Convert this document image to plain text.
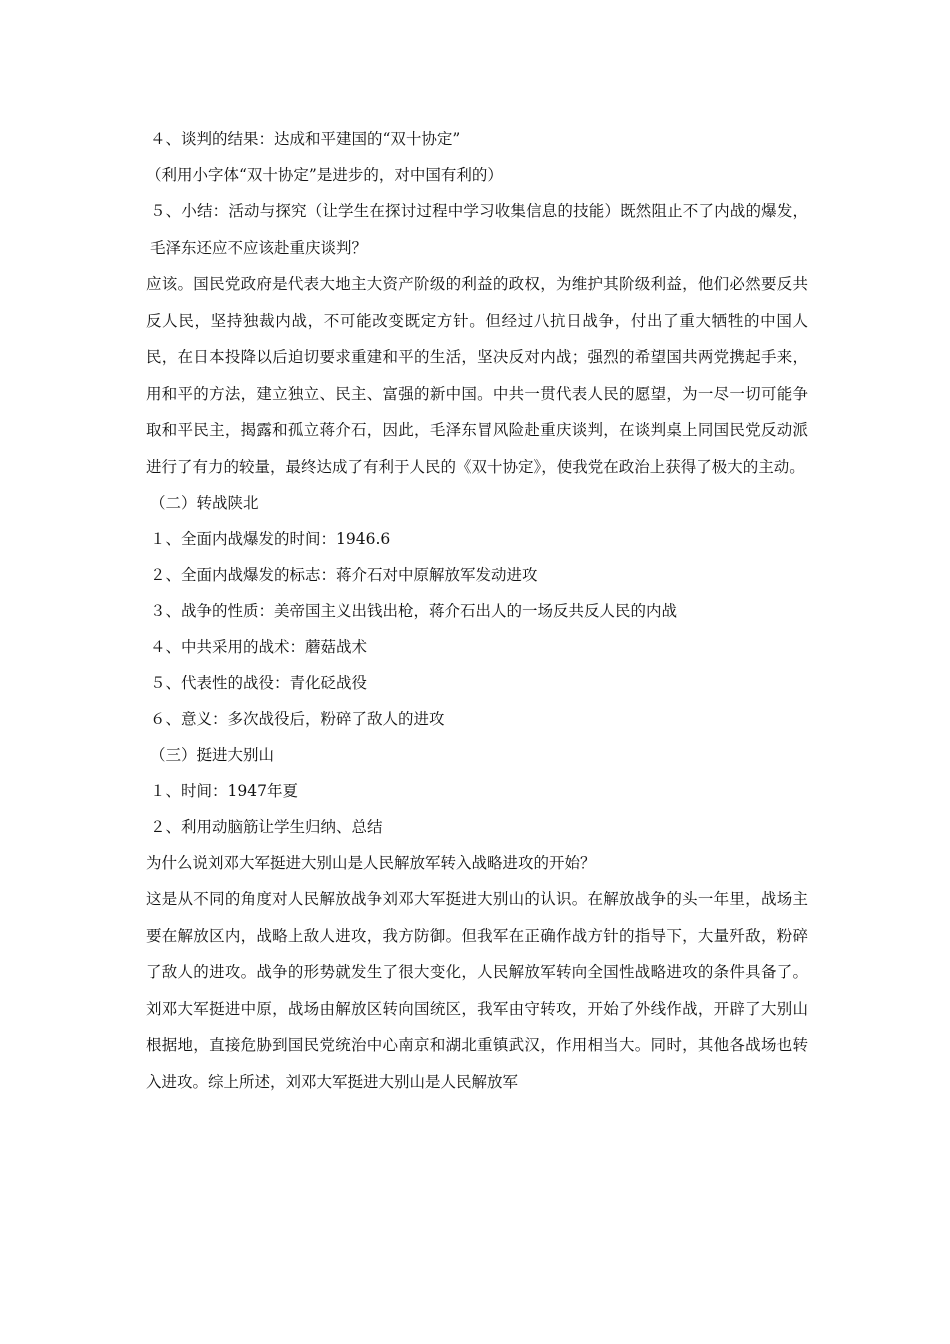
４、谈判的结果：达成和平建国的“双十协定”
（利用小字体“双十协定”是进步的，对中国有利的）
５、小结：活动与探究（让学生在探讨过程中学习收集信息的技能）既然阻止不了内战的爆发，毛泽东还应不应该赴重庆谈判？
应该。国民党政府是代表大地主大资产阶级的利益的政权，为维护其阶级利益，他们必然要反共反人民，坚持独裁内战，不可能改变既定方针。但经过八抗日战争，付出了重大牺牲的中国人民，在日本投降以后迫切要求重建和平的生活，坚决反对内战；强烈的希望国共两党携起手来，用和平的方法，建立独立、民主、富强的新中国。中共一贯代表人民的愿望，为一尽一切可能争取和平民主，揭露和孤立蒋介石，因此，毛泽东冒风险赴重庆谈判，在谈判桌上同国民党反动派进行了有力的较量，最终达成了有利于人民的《双十协定》，使我党在政治上获得了极大的主动。
（二）转战陕北
１、全面内战爆发的时间：1946.6
２、全面内战爆发的标志：蒋介石对中原解放军发动进攻
３、战争的性质：美帝国主义出钱出枪，蒋介石出人的一场反共反人民的内战
４、中共采用的战术：蘑菇战术
５、代表性的战役：青化砭战役
６、意义：多次战役后，粉碎了敌人的进攻
（三）挺进大别山
１、时间：1947年夏
２、利用动脑筋让学生归纳、总结
为什么说刘邓大军挺进大别山是人民解放军转入战略进攻的开始？
这是从不同的角度对人民解放战争刘邓大军挺进大别山的认识。在解放战争的头一年里，战场主要在解放区内，战略上敌人进攻，我方防御。但我军在正确作战方针的指导下，大量歼敌，粉碎了敌人的进攻。战争的形势就发生了很大变化，人民解放军转向全国性战略进攻的条件具备了。刘邓大军挺进中原，战场由解放区转向国统区，我军由守转攻，开始了外线作战，开辟了大别山根据地，直接危胁到国民党统治中心南京和湖北重镇武汉，作用相当大。同时，其他各战场也转入进攻。综上所述，刘邓大军挺进大别山是人民解放军
